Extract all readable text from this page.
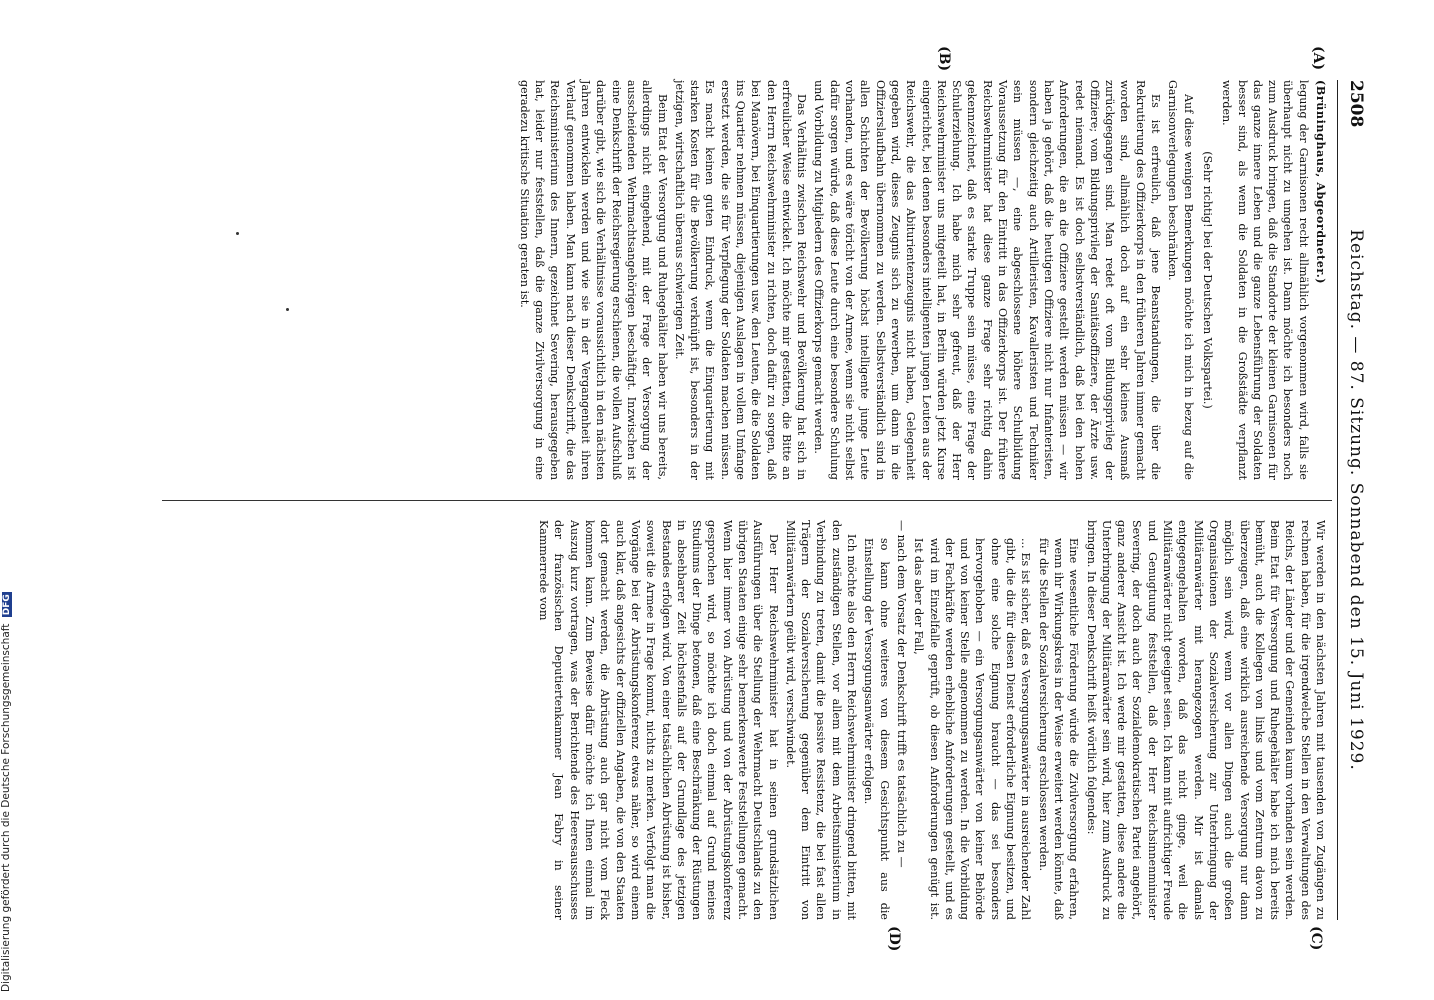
2508
Reichstag. — 87. Sitzung. Sonnabend den 15. Juni 1929.
(A)
(B)
(C)
(D)

(Brüninghaus, Abgeordneter.)

legung der Garnisonen recht allmählich vorgenommen wird, falls sie überhaupt nicht zu umgehen ist. Dann möchte ich besonders noch zum Ausdruck bringen, daß die Standorte der kleinen Garnisonen für das ganze innere Leben und die ganze Lebensführung der Soldaten besser sind, als wenn die Soldaten in die Großstädte verpflanzt werden.

(Sehr richtig! bei der Deutschen Volkspartei.)

Auf diese wenigen Bemerkungen möchte ich mich in bezug auf die Garnisonverlegungen beschränken.

Es ist erfreulich, daß jene Beanstandungen, die über die Rekrutierung des Offizierkorps in den früheren Jahren immer gemacht worden sind, allmählich doch auf ein sehr kleines Ausmaß zurückgegangen sind. Man redet oft vom Bildungsprivileg der Offiziere; vom Bildungsprivileg der Sanitätsoffiziere, der Ärzte usw. redet niemand. Es ist doch selbstverständlich, daß bei den hohen Anforderungen, die an die Offiziere gestellt werden müssen — wir haben ja gehört, daß die heutigen Offiziere nicht nur Infanteristen, sondern gleichzeitig auch Artilleristen, Kavalleristen und Techniker sein müssen —, eine abgeschlossene höhere Schulbildung Voraussetzung für den Eintritt in das Offizierkorps ist. Der frühere Reichswehrminister hat diese ganze Frage sehr richtig dahin gekennzeichnet, daß es starke Truppe sein müsse, eine Frage der Schulerziehung. Ich habe mich sehr gefreut, daß der Herr Reichswehrminister uns mitgeteilt hat, in Berlin würden jetzt Kurse eingerichtet, bei denen besonders intelligenten jungen Leuten aus der Reichswehr, die das Abiturientenzeugnis nicht haben, Gelegenheit gegeben wird, dieses Zeugnis sich zu erwerben, um dann in die Offizierslaufbahn übernommen zu werden. Selbstverständlich sind in allen Schichten der Bevölkerung höchst intelligente junge Leute vorhanden, und es wäre töricht von der Armee, wenn sie nicht selbst dafür sorgen würde, daß diese Leute durch eine besondere Schulung und Vorbildung zu Mitgliedern des Offizierkorps gemacht werden.

Das Verhältnis zwischen Reichswehr und Bevölkerung hat sich in erfreulicher Weise entwickelt. Ich möchte mir gestatten, die Bitte an den Herrn Reichswehrminister zu richten, doch dafür zu sorgen, daß bei Manövern, bei Einquartierungen usw. den Leuten, die die Soldaten ins Quartier nehmen müssen, diejenigen Auslagen in vollem Umfange ersetzt werden, die sie für Verpflegung der Soldaten machen müssen. Es macht keinen guten Eindruck, wenn die Einquartierung mit starken Kosten für die Bevölkerung verknüpft ist, besonders in der jetzigen, wirtschaftlich überaus schwierigen Zeit.

Beim Etat der Versorgung und Ruhegehälter haben wir uns bereits, allerdings nicht eingehend, mit der Frage der Versorgung der ausscheidenden Wehrmachtsangehörigen beschäftigt. Inzwischen ist eine Denkschrift der Reichsregierung erschienen, die vollen Aufschluß darüber gibt, wie sich die Verhältnisse voraussichtlich in den nächsten Jahren entwickeln werden und wie sie in der Vergangenheit ihren Verlauf genommen haben. Man kann nach dieser Denkschrift, die das Reichsministerium des Innern, gezeichnet Severing, herausgegeben hat, leider nur feststellen, daß die ganze Zivilversorgung in eine geradezu kritische Situation geraten ist.

Wir werden in den nächsten Jahren mit tausenden von Zugängen zu rechnen haben, für die irgendwelche Stellen in den Verwaltungen des Reichs, der Länder und der Gemeinden kaum vorhanden sein werden. Beim Etat für Versorgung und Ruhegehälter habe ich mich bereits bemüht, auch die Kollegen von links und vom Zentrum davon zu überzeugen, daß eine wirklich ausreichende Versorgung nur dann möglich sein wird, wenn vor allen Dingen auch die großen Organisationen der Sozialversicherung zur Unterbringung der Militäranwärter mit herangezogen werden. Mir ist damals entgegengehalten worden, daß das nicht ginge, weil die Militäranwärter nicht geeignet seien. Ich kann mit aufrichtiger Freude und Genugtuung feststellen, daß der Herr Reichsinnenminister Severing, der doch auch der Sozialdemokratischen Partei angehört, ganz anderer Ansicht ist. Ich werde mir gestatten, diese andere die Unterbringung der Militäranwärter sein wird, hier zum Ausdruck zu bringen. In dieser Denkschrift heißt wörtlich folgendes:

Eine wesentliche Förderung würde die Zivilversorgung erfahren, wenn ihr Wirkungskreis in der Weise erweitert werden könnte, daß für die Stellen der Sozialversicherung erschlossen werden.

... Es ist sicher, daß es Versorgungsanwärter in ausreichender Zahl gibt, die die für diesen Dienst erforderliche Eignung besitzen, und ohne eine solche Eignung braucht — das sei besonders hervorgehoben — ein Versorgungsanwärter von keiner Behörde und von keiner Stelle angenommen zu werden. In die Vorbildung der Fachkräfte werden erhebliche Anforderungen gestellt, und es wird im Einzelfalle geprüft, ob diesen Anforderungen genügt ist. Ist das aber der Fall,

— nach dem Vorsatz der Denkschrift trifft es tatsächlich zu —

so kann ohne weiteres von diesem Gesichtspunkt aus die Einstellung der Versorgungsanwärter erfolgen.

Ich möchte also den Herrn Reichswehrminister dringend bitten, mit den zuständigen Stellen, vor allem mit dem Arbeitsministerium in Verbindung zu treten, damit die passive Resistenz, die bei fast allen Trägern der Sozialversicherung gegenüber dem Eintritt von Militäranwärtern geübt wird, verschwindet.

Der Herr Reichswehrminister hat in seinen grundsätzlichen Ausführungen über die Stellung der Wehrmacht Deutschlands zu den übrigen Staaten einige sehr bemerkenswerte Feststellungen gemacht. Wenn hier immer von Abrüstung und von der Abrüstungskonferenz gesprochen wird, so möchte ich doch einmal auf Grund meines Studiums der Dinge betonen, daß eine Beschränkung der Rüstungen in absehbarer Zeit höchstenfalls auf der Grundlage des jetzigen Bestandes erfolgen wird. Von einer tatsächlichen Abrüstung ist bisher, soweit die Armee in Frage kommt, nichts zu merken. Verfolgt man die Vorgänge bei der Abrüstungskonferenz etwas näher, so wird einem auch klar, daß angesichts der offiziellen Angaben, die von den Staaten dort gemacht werden, die Abrüstung auch gar nicht vom Fleck kommen kann. Zum Beweise dafür möchte ich Ihnen einmal im Auszug kurz vortragen, was der Berichtende des Heeresausschusses der französischen Deputiertenkammer Jean Fabry in seiner Kammerrede vom

Digitalisierung gefördert durch die Deutsche Forschungsgemeinschaft DFG
